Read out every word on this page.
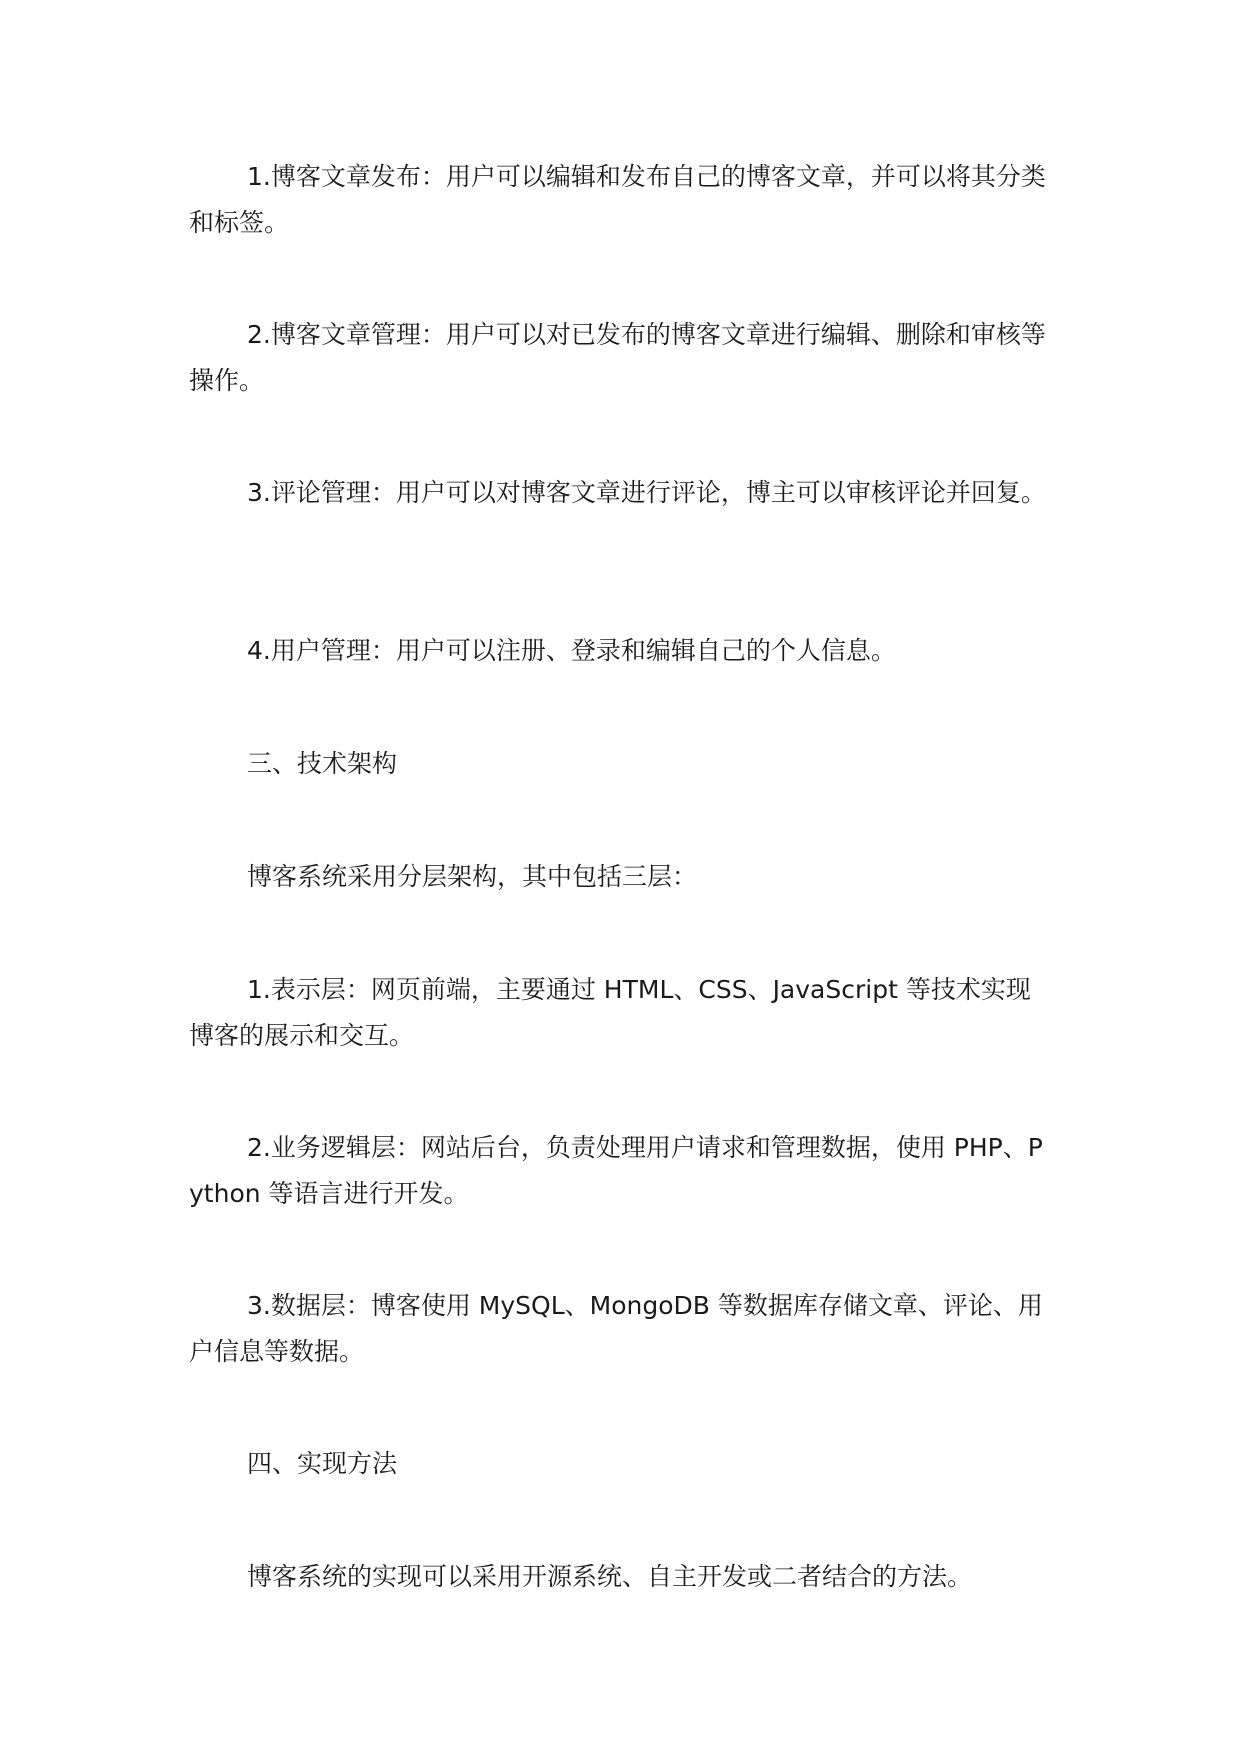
1.博客文章发布：用户可以编辑和发布自己的博客文章，并可以将其分类和标签。

2.博客文章管理：用户可以对已发布的博客文章进行编辑、删除和审核等操作。

3.评论管理：用户可以对博客文章进行评论，博主可以审核评论并回复。

4.用户管理：用户可以注册、登录和编辑自己的个人信息。

三、技术架构

博客系统采用分层架构，其中包括三层：

1.表示层：网页前端，主要通过 HTML、CSS、JavaScript 等技术实现博客的展示和交互。

2.业务逻辑层：网站后台，负责处理用户请求和管理数据，使用 PHP、Python 等语言进行开发。

3.数据层：博客使用 MySQL、MongoDB 等数据库存储文章、评论、用户信息等数据。

四、实现方法

博客系统的实现可以采用开源系统、自主开发或二者结合的方法。
